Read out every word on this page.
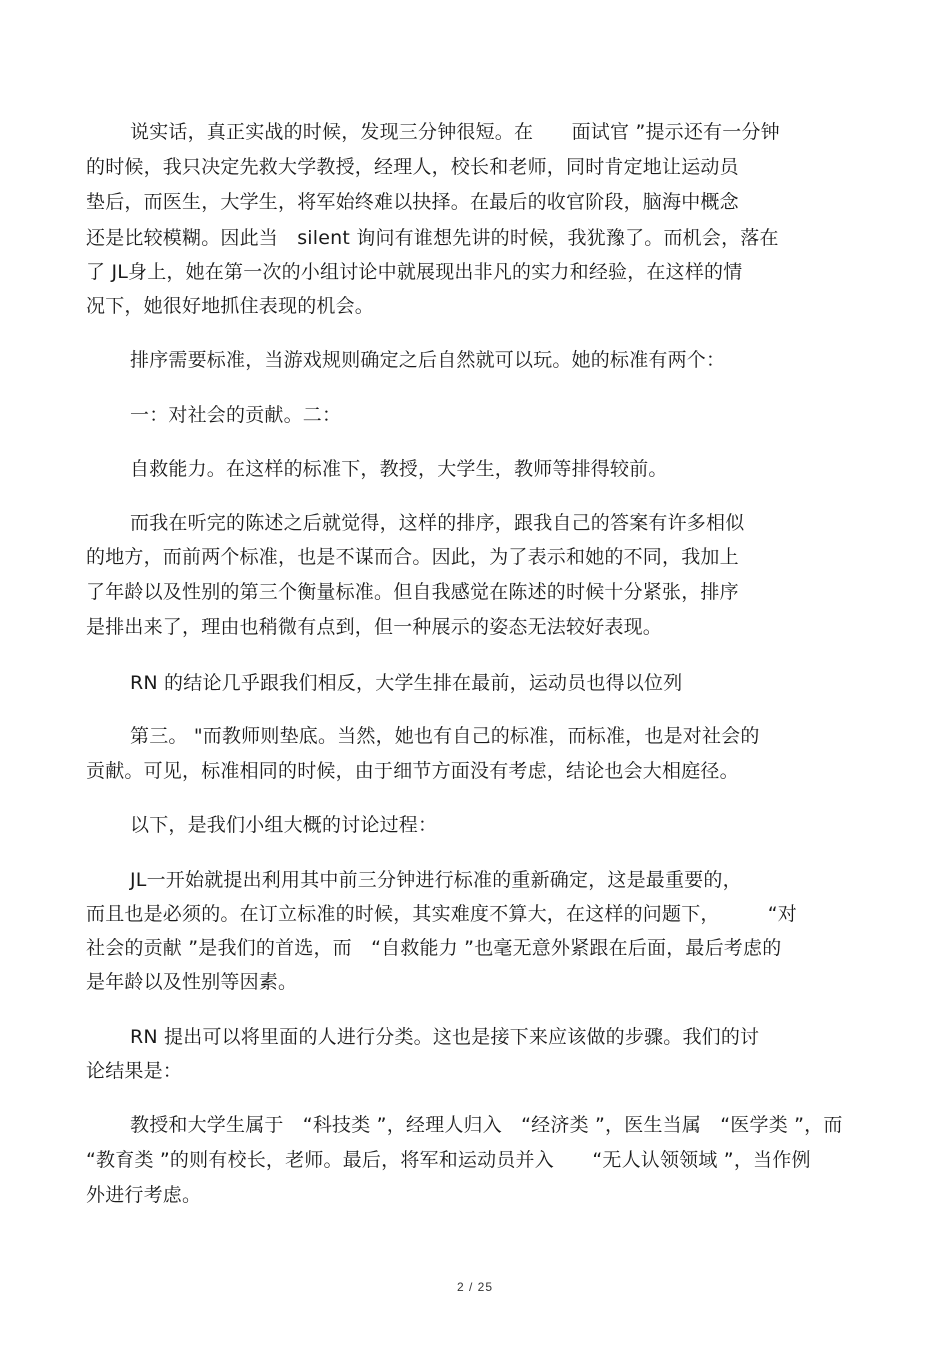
说实话，真正实战的时候，发现三分钟很短。在　　面试官 ”提示还有一分钟
的时候，我只决定先救大学教授，经理人，校长和老师，同时肯定地让运动员
垫后，而医生，大学生，将军始终难以抉择。在最后的收官阶段，脑海中概念
还是比较模糊。因此当　silent 询问有谁想先讲的时候，我犹豫了。而机会，落在
了 JL身上，她在第一次的小组讨论中就展现出非凡的实力和经验，在这样的情
况下，她很好地抓住表现的机会。
排序需要标准，当游戏规则确定之后自然就可以玩。她的标准有两个：
一：对社会的贡献。二：
自救能力。在这样的标准下，教授，大学生，教师等排得较前。
而我在听完的陈述之后就觉得，这样的排序，跟我自己的答案有许多相似
的地方，而前两个标准，也是不谋而合。因此，为了表示和她的不同，我加上
了年龄以及性别的第三个衡量标准。但自我感觉在陈述的时候十分紧张，排序
是排出来了，理由也稍微有点到，但一种展示的姿态无法较好表现。
RN 的结论几乎跟我们相反，大学生排在最前，运动员也得以位列
第三。 "而教师则垫底。当然，她也有自己的标准，而标准，也是对社会的
贡献。可见，标准相同的时候，由于细节方面没有考虑，结论也会大相庭径。
以下，是我们小组大概的讨论过程：
JL一开始就提出利用其中前三分钟进行标准的重新确定，这是最重要的，
而且也是必须的。在订立标准的时候，其实难度不算大，在这样的问题下，　　　“对
社会的贡献 ”是我们的首选，而　“自救能力 ”也毫无意外紧跟在后面，最后考虑的
是年龄以及性别等因素。
RN 提出可以将里面的人进行分类。这也是接下来应该做的步骤。我们的讨
论结果是：
教授和大学生属于　“科技类 ”，经理人归入　“经济类 ”，医生当属　“医学类 ”，而
“教育类 ”的则有校长，老师。最后，将军和运动员并入　　“无人认领领域 ”，当作例
外进行考虑。
2 / 25
